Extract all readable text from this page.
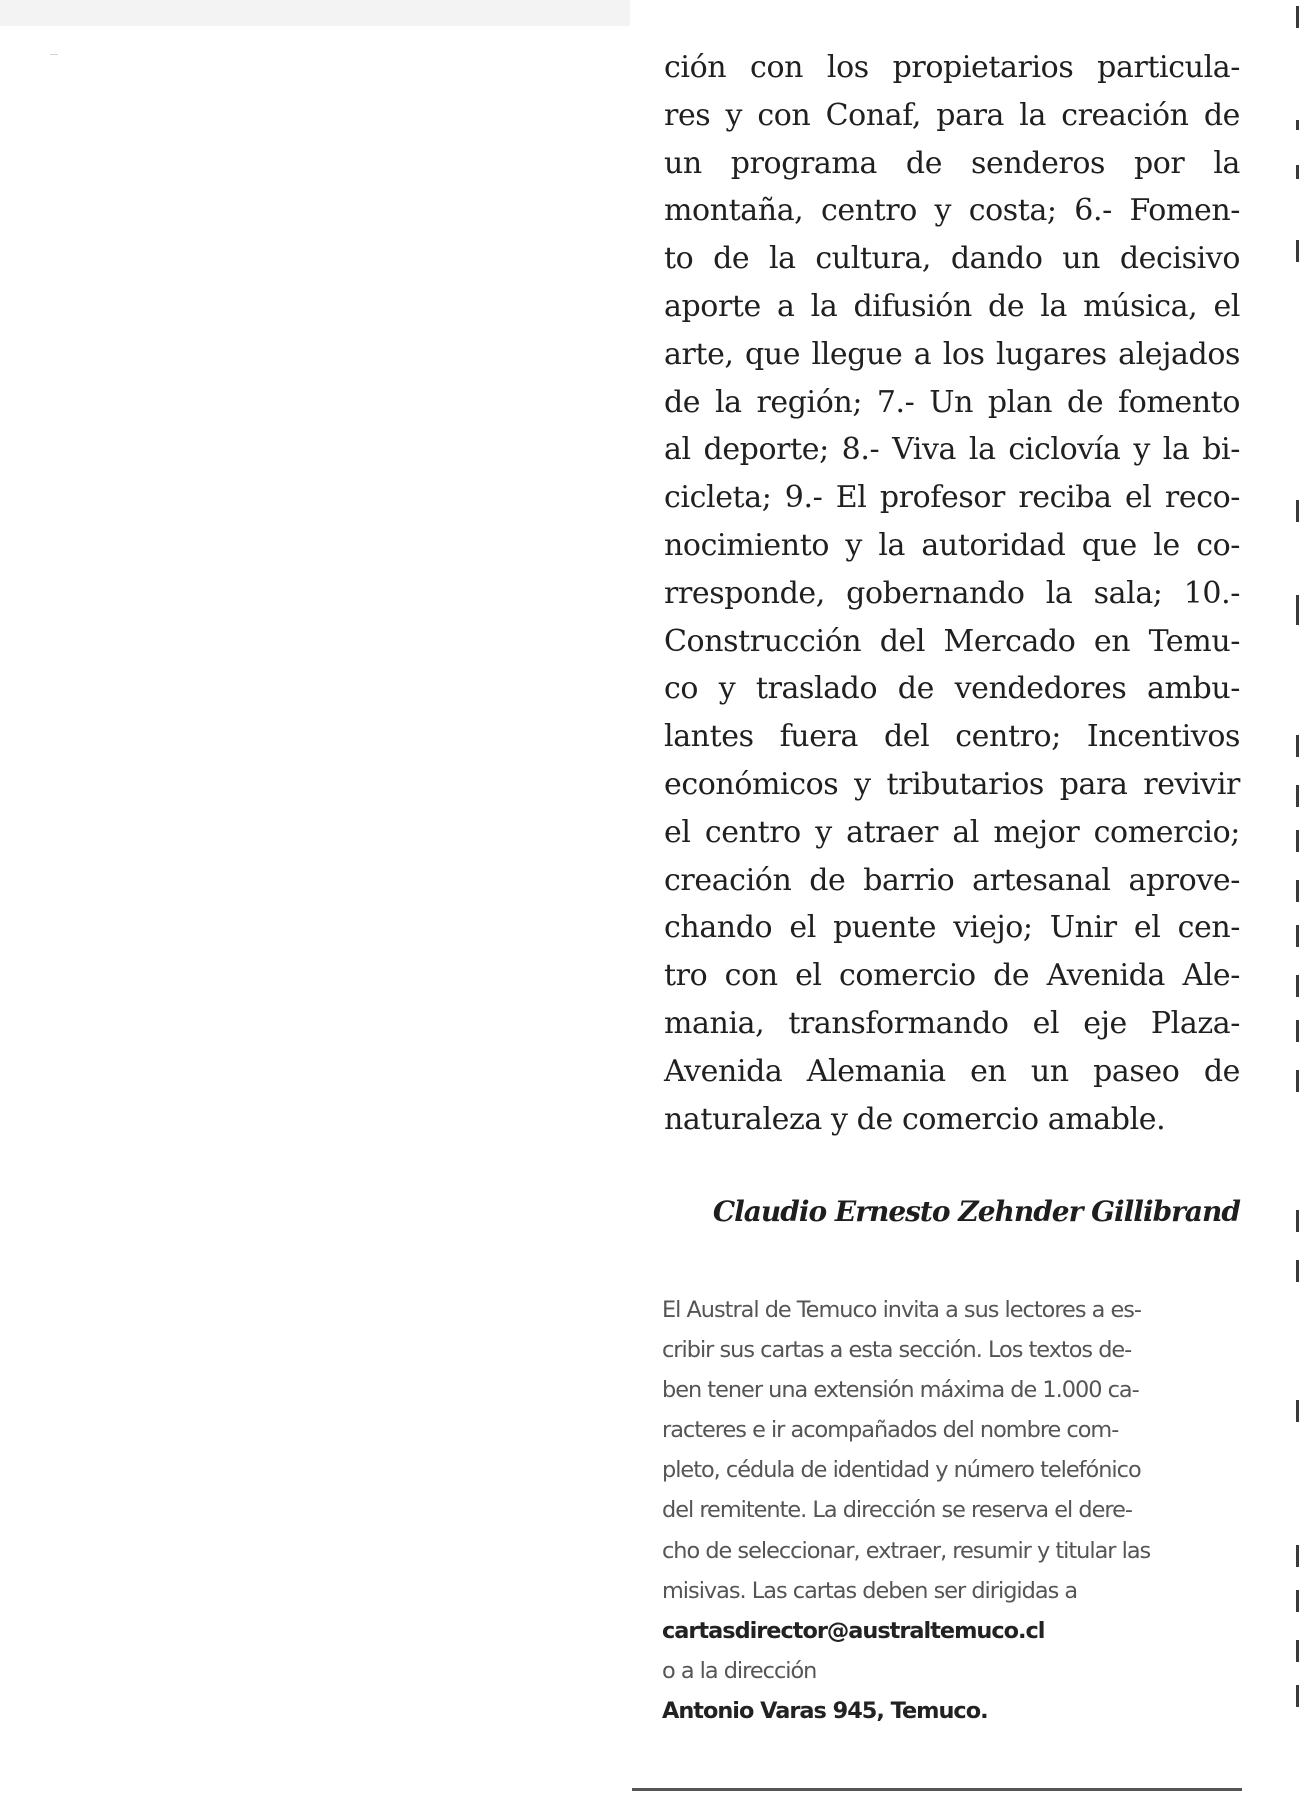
ción con los propietarios particula-
res y con Conaf, para la creación de
un programa de senderos por la
montaña, centro y costa; 6.- Fomen-
to de la cultura, dando un decisivo
aporte a la difusión de la música, el
arte, que llegue a los lugares alejados
de la región; 7.- Un plan de fomento
al deporte; 8.- Viva la ciclovía y la bi-
cicleta; 9.- El profesor reciba el reco-
nocimiento y la autoridad que le co-
rresponde, gobernando la sala; 10.-
Construcción del Mercado en Temu-
co y traslado de vendedores ambu-
lantes fuera del centro; Incentivos
económicos y tributarios para revivir
el centro y atraer al mejor comercio;
creación de barrio artesanal aprove-
chando el puente viejo; Unir el cen-
tro con el comercio de Avenida Ale-
mania, transformando el eje Plaza-
Avenida Alemania en un paseo de
naturaleza y de comercio amable.

Claudio Ernesto Zehnder Gillibrand
El Austral de Temuco invita a sus lectores a es-
cribir sus cartas a esta sección. Los textos de-
ben tener una extensión máxima de 1.000 ca-
racteres e ir acompañados del nombre com-
pleto, cédula de identidad y número telefónico
del remitente. La dirección se reserva el dere-
cho de seleccionar, extraer, resumir y titular las
misivas. Las cartas deben ser dirigidas a
cartasdirector@australtemuco.cl
o a la dirección
Antonio Varas 945, Temuco.
